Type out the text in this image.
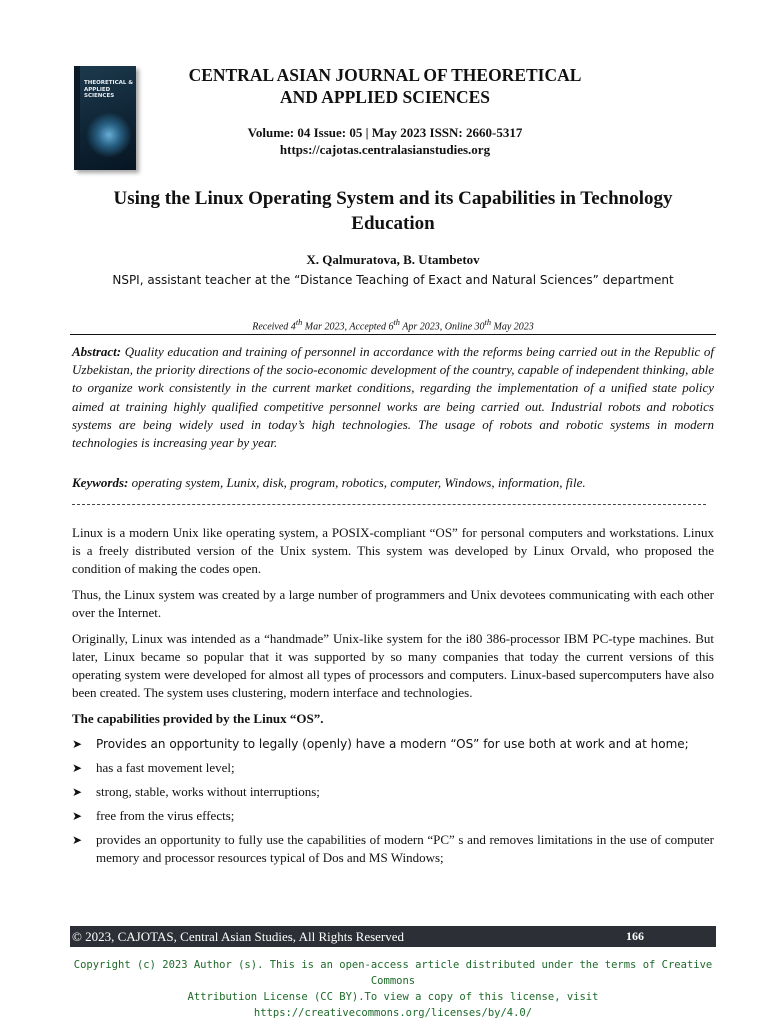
THEORETICAL & APPLIED SCIENCES
CENTRAL ASIAN JOURNAL OF THEORETICAL
AND APPLIED SCIENCES
Volume: 04 Issue: 05 | May 2023 ISSN: 2660-5317
https://cajotas.centralasianstudies.org
Using the Linux Operating System and its Capabilities in Technology Education
X. Qalmuratova, B. Utambetov
NSPI, assistant teacher at the “Distance Teaching of Exact and Natural Sciences” department
Received 4th Mar 2023, Accepted 6th Apr 2023, Online 30th May 2023
Abstract: Quality education and training of personnel in accordance with the reforms being carried out in the Republic of Uzbekistan, the priority directions of the socio-economic development of the country, capable of independent thinking, able to organize work consistently in the current market conditions, regarding the implementation of a unified state policy aimed at training highly qualified competitive personnel works are being carried out. Industrial robots and robotics systems are being widely used in today’s high technologies. The usage of robots and robotic systems in modern technologies is increasing year by year.
Keywords: operating system, Lunix, disk, program, robotics, computer, Windows, information, file.

Linux is a modern Unix like operating system, a POSIX-compliant “OS” for personal computers and workstations. Linux is a freely distributed version of the Unix system. This system was developed by Linux Orvald, who proposed the condition of making the codes open.

Thus, the Linux system was created by a large number of programmers and Unix devotees communicating with each other over the Internet.

Originally, Linux was intended as a “handmade” Unix-like system for the i80 386-processor IBM PC-type machines. But later, Linux became so popular that it was supported by so many companies that today the current versions of this operating system were developed for almost all types of processors and computers. Linux-based supercomputers have also been created. The system uses clustering, modern interface and technologies.

The capabilities provided by the Linux “OS”.

➤ Provides an opportunity to legally (openly) have a modern “OS” for use both at work and at home;
➤ has a fast movement level;
➤ strong, stable, works without interruptions;
➤ free from the virus effects;
➤ provides an opportunity to fully use the capabilities of modern “PC” s and removes limitations in the use of computer memory and processor resources typical of Dos and MS Windows;
© 2023, CAJOTAS, Central Asian Studies, All Rights Reserved	166
Copyright (c) 2023 Author (s). This is an open-access article distributed under the terms of Creative Commons
Attribution License (CC BY).To view a copy of this license, visit https://creativecommons.org/licenses/by/4.0/
